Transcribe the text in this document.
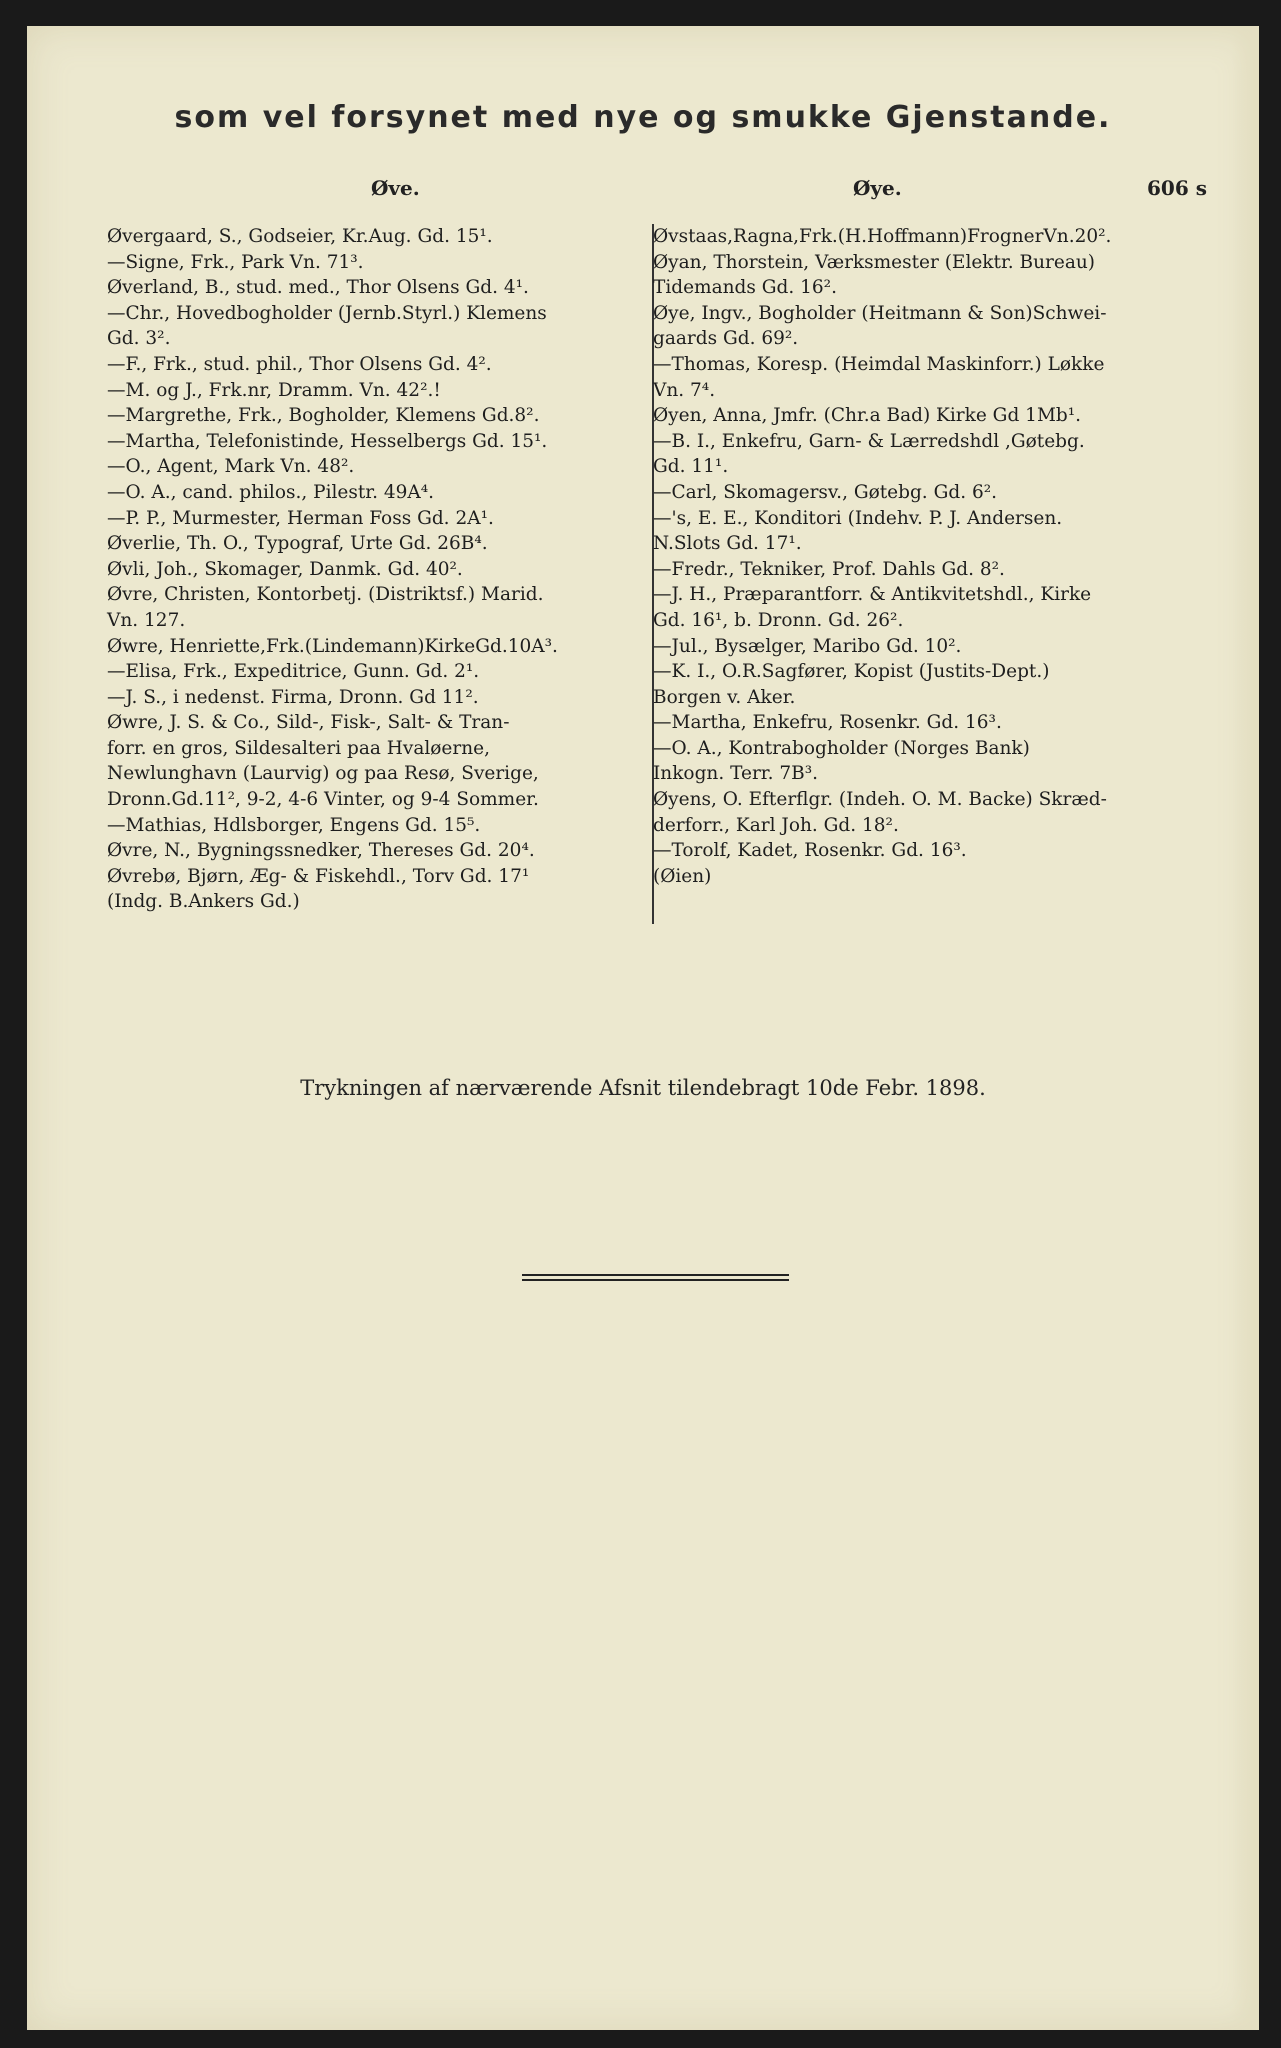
som vel forsynet med nye og smukke Gjenstande.
Øve.	Øye.	606 s
Øvergaard, S., Godseier, Kr.Aug. Gd. 15¹.
—Signe, Frk., Park Vn. 71³.
Øverland, B., stud. med., Thor Olsens Gd. 4¹.
—Chr., Hovedbogholder (Jernb.Styrl.) Klemens
Gd. 3².
—F., Frk., stud. phil., Thor Olsens Gd. 4².
—M. og J., Frk.nr, Dramm. Vn. 42².!
—Margrethe, Frk., Bogholder, Klemens Gd.8².
—Martha, Telefonistinde, Hesselbergs Gd. 15¹.
—O., Agent, Mark Vn. 48².
—O. A., cand. philos., Pilestr. 49A⁴.
—P. P., Murmester, Herman Foss Gd. 2A¹.
Øverlie, Th. O., Typograf, Urte Gd. 26B⁴.
Øvli, Joh., Skomager, Danmk. Gd. 40².
Øvre, Christen, Kontorbetj. (Distriktsf.) Marid.
Vn. 127.
Øwre, Henriette,Frk.(Lindemann)KirkeGd.10A³.
—Elisa, Frk., Expeditrice, Gunn. Gd. 2¹.
—J. S., i nedenst. Firma, Dronn. Gd 11².
Øwre, J. S. & Co., Sild-, Fisk-, Salt- & Tran-
forr. en gros, Sildesalteri paa Hvaløerne,
Newlunghavn (Laurvig) og paa Resø, Sverige,
Dronn.Gd.11², 9-2, 4-6 Vinter, og 9-4 Sommer.
—Mathias, Hdlsborger, Engens Gd. 15⁵.
Øvre, N., Bygningssnedker, Thereses Gd. 20⁴.
Øvrebø, Bjørn, Æg- & Fiskehdl., Torv Gd. 17¹
(Indg. B.Ankers Gd.)
Øvstaas,Ragna,Frk.(H.Hoffmann)FrognerVn.20².
Øyan, Thorstein, Værksmester (Elektr. Bureau)
Tidemands Gd. 16².
Øye, Ingv., Bogholder (Heitmann & Son)Schwei-
gaards Gd. 69².
—Thomas, Koresp. (Heimdal Maskinforr.) Løkke
Vn. 7⁴.
Øyen, Anna, Jmfr. (Chr.a Bad) Kirke Gd 1Mb¹.
—B. I., Enkefru, Garn- & Lærredshdl ,Gøtebg.
Gd. 11¹.
—Carl, Skomagersv., Gøtebg. Gd. 6².
—'s, E. E., Konditori (Indehv. P. J. Andersen.
N.Slots Gd. 17¹.
—Fredr., Tekniker, Prof. Dahls Gd. 8².
—J. H., Præparantforr. & Antikvitetshdl., Kirke
Gd. 16¹, b. Dronn. Gd. 26².
—Jul., Bysælger, Maribo Gd. 10².
—K. I., O.R.Sagfører, Kopist (Justits-Dept.)
Borgen v. Aker.
—Martha, Enkefru, Rosenkr. Gd. 16³.
—O. A., Kontrabogholder (Norges Bank)
Inkogn. Terr. 7B³.
Øyens, O. Efterflgr. (Indeh. O. M. Backe) Skræd-
derforr., Karl Joh. Gd. 18².
—Torolf, Kadet, Rosenkr. Gd. 16³.
(Øien)
Trykningen af nærværende Afsnit tilendebragt 10de Febr. 1898.
